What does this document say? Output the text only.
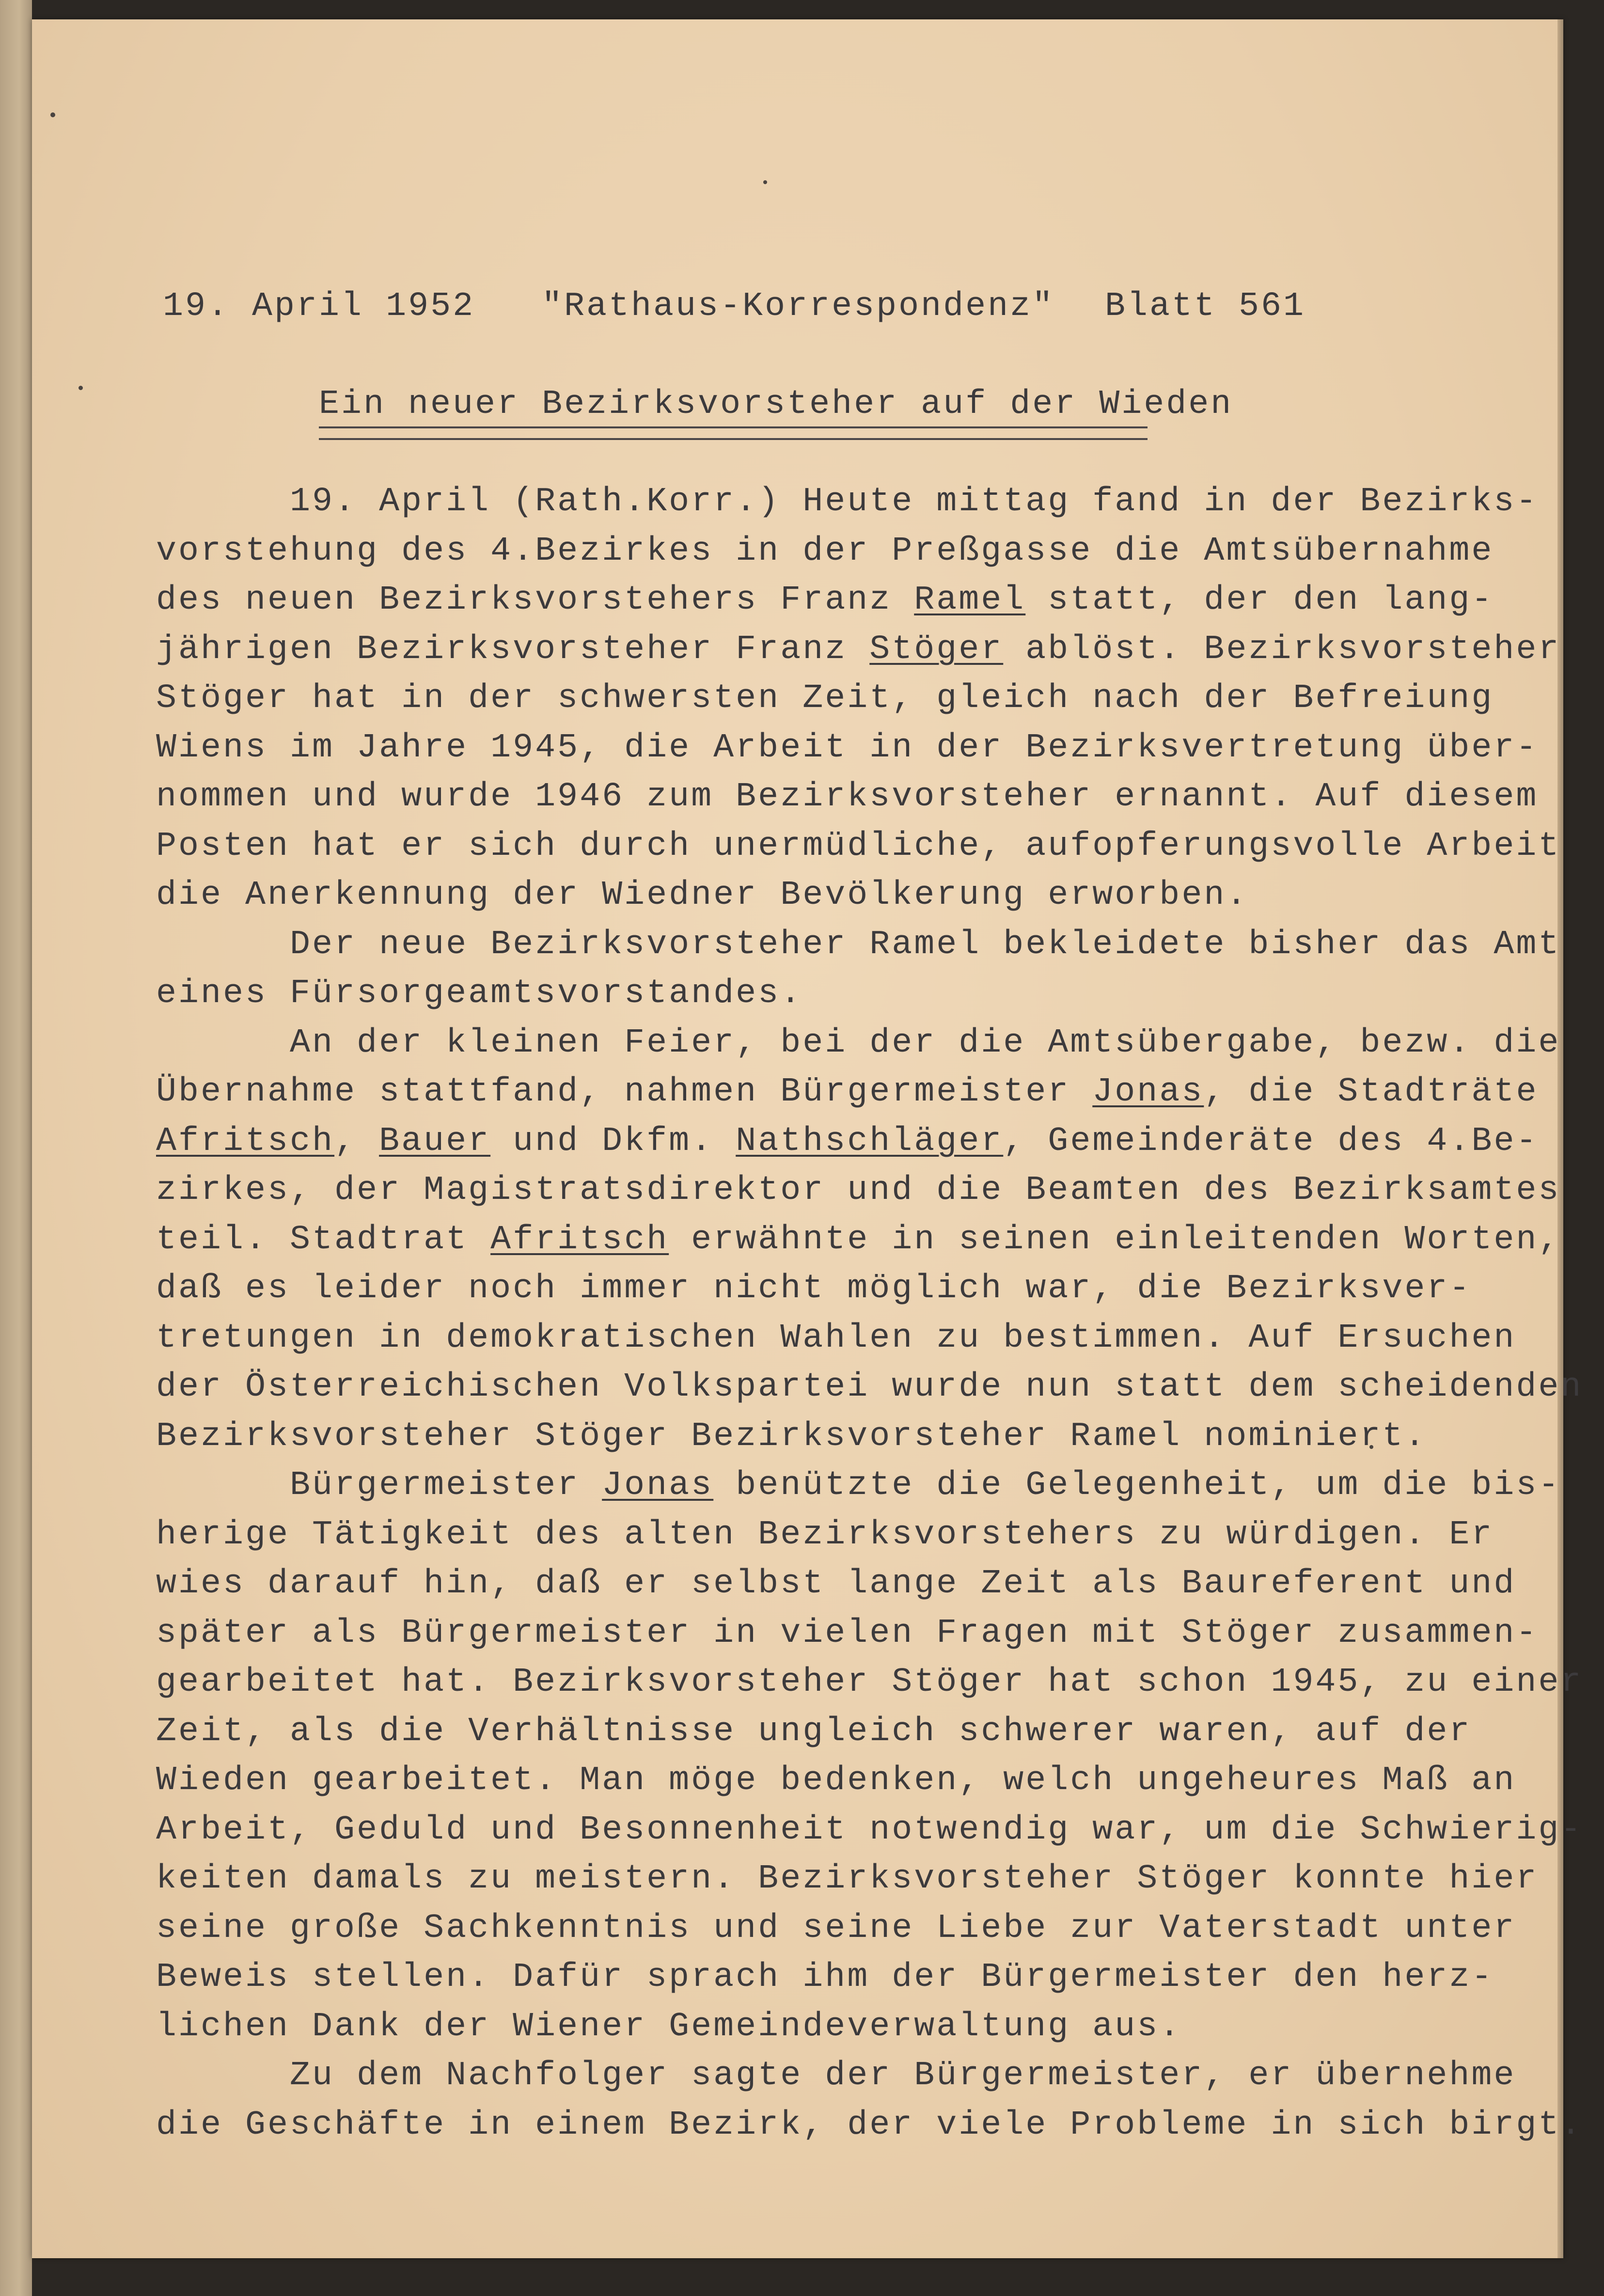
19. April 1952 "Rathaus-Korrespondenz" Blatt 561
Ein neuer Bezirksvorsteher auf der Wieden
19. April (Rath.Korr.) Heute mittag fand in der Bezirks-
vorstehung des 4.Bezirkes in der Preßgasse die Amtsübernahme
des neuen Bezirksvorstehers Franz Ramel statt, der den lang-
jährigen Bezirksvorsteher Franz Stöger ablöst. Bezirksvorsteher
Stöger hat in der schwersten Zeit, gleich nach der Befreiung
Wiens im Jahre 1945, die Arbeit in der Bezirksvertretung über-
nommen und wurde 1946 zum Bezirksvorsteher ernannt. Auf diesem
Posten hat er sich durch unermüdliche, aufopferungsvolle Arbeit
die Anerkennung der Wiedner Bevölkerung erworben.
Der neue Bezirksvorsteher Ramel bekleidete bisher das Amt
eines Fürsorgeamtsvorstandes.
An der kleinen Feier, bei der die Amtsübergabe, bezw. die
Übernahme stattfand, nahmen Bürgermeister Jonas, die Stadträte
Afritsch, Bauer und Dkfm. Nathschläger, Gemeinderäte des 4.Be-
zirkes, der Magistratsdirektor und die Beamten des Bezirksamtes
teil. Stadtrat Afritsch erwähnte in seinen einleitenden Worten,
daß es leider noch immer nicht möglich war, die Bezirksver-
tretungen in demokratischen Wahlen zu bestimmen. Auf Ersuchen
der Österreichischen Volkspartei wurde nun statt dem scheidenden
Bezirksvorsteher Stöger Bezirksvorsteher Ramel nominiert.
Bürgermeister Jonas benützte die Gelegenheit, um die bis-
herige Tätigkeit des alten Bezirksvorstehers zu würdigen. Er
wies darauf hin, daß er selbst lange Zeit als Baureferent und
später als Bürgermeister in vielen Fragen mit Stöger zusammen-
gearbeitet hat. Bezirksvorsteher Stöger hat schon 1945, zu einer
Zeit, als die Verhältnisse ungleich schwerer waren, auf der
Wieden gearbeitet. Man möge bedenken, welch ungeheures Maß an
Arbeit, Geduld und Besonnenheit notwendig war, um die Schwierig-
keiten damals zu meistern. Bezirksvorsteher Stöger konnte hier
seine große Sachkenntnis und seine Liebe zur Vaterstadt unter
Beweis stellen. Dafür sprach ihm der Bürgermeister den herz-
lichen Dank der Wiener Gemeindeverwaltung aus.
Zu dem Nachfolger sagte der Bürgermeister, er übernehme
die Geschäfte in einem Bezirk, der viele Probleme in sich birgt.
